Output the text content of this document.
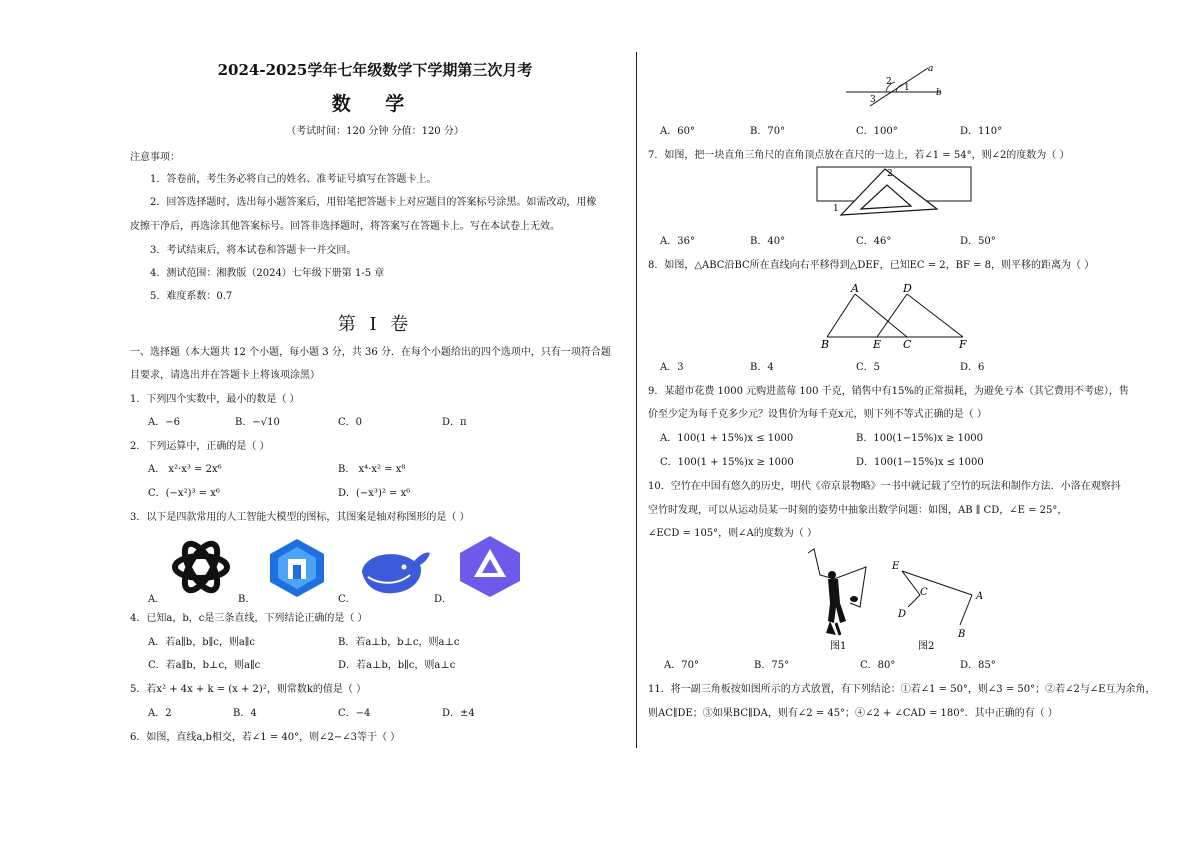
2024-2025学年七年级数学下学期第三次月考
数 学
（考试时间：120 分钟 分值：120 分）
注意事项：
1．答卷前，考生务必将自己的姓名、准考证号填写在答题卡上。
2．回答选择题时，选出每小题答案后，用铅笔把答题卡上对应题目的答案标号涂黑。如需改动，用橡
皮擦干净后，再选涂其他答案标号。回答非选择题时，将答案写在答题卡上。写在本试卷上无效。
3．考试结束后，将本试卷和答题卡一并交回。
4．测试范围：湘教版（2024）七年级下册第 1-5 章
5．难度系数：0.7
第 I 卷
一、选择题（本大题共 12 个小题，每小题 3 分，共 36 分．在每个小题给出的四个选项中，只有一项符合题
目要求，请选出并在答题卡上将该项涂黑）
1．下列四个实数中，最小的数是（ ）
A．−6	B．−√10	C．0	D．π
2．下列运算中，正确的是（ ）
A． x²·x³ = 2x⁶	B． x⁴·x² = x⁸
C．(−x²)³ = x⁶	D．(−x³)² = x⁶
3．以下是四款常用的人工智能大模型的图标，其图案是轴对称图形的是（ ）
A．	B．	C．	D．
4．已知a，b，c是三条直线，下列结论正确的是（ ）
A．若a∥b，b∥c，则a∥c	B．若a⊥b，b⊥c，则a⊥c
C．若a∥b，b⊥c，则a∥c	D．若a⊥b，b∥c，则a⊥c
5．若x² + 4x + k = (x + 2)²，则常数k的值是（ ）
A．2	B．4	C．−4	D．±4
6．如图，直线a,b相交，若∠1 = 40°，则∠2−∠3等于（ ）
a
b
1
2
3
A．60°	B．70°	C．100°	D．110°
7．如图，把一块直角三角尺的直角顶点放在直尺的一边上，若∠1 = 54°，则∠2的度数为（ ）
2
1
A．36°	B．40°	C．46°	D．50°
8．如图，△ABC沿BC所在直线向右平移得到△DEF，已知EC = 2，BF = 8，则平移的距离为（ ）
A	D
B	E C	F
A．3	B．4	C．5	D．6
9．某超市花费 1000 元购进蓝莓 100 千克，销售中有15%的正常损耗，为避免亏本（其它费用不考虑），售
价至少定为每千克多少元？设售价为每千克x元，则下列不等式正确的是（ ）
A．100(1 + 15%)x ≤ 1000	B．100(1−15%)x ≥ 1000
C．100(1 + 15%)x ≥ 1000	D．100(1−15%)x ≤ 1000
10．空竹在中国有悠久的历史，明代《帝京景物略》一书中就记载了空竹的玩法和制作方法．小洛在观察抖
空竹时发现，可以从运动员某一时刻的姿势中抽象出数学问题：如图，AB ∥ CD，∠E = 25°，
∠ECD = 105°，则∠A的度数为（ ）
图1
E
C
D
A
B
图2
A．70°	B．75°	C．80°	D．85°
11．将一副三角板按如图所示的方式放置，有下列结论：①若∠1 = 50°，则∠3 = 50°；②若∠2与∠E互为余角，
则AC∥DE；③如果BC∥DA，则有∠2 = 45°；④∠2 + ∠CAD = 180°．其中正确的有（ ）
